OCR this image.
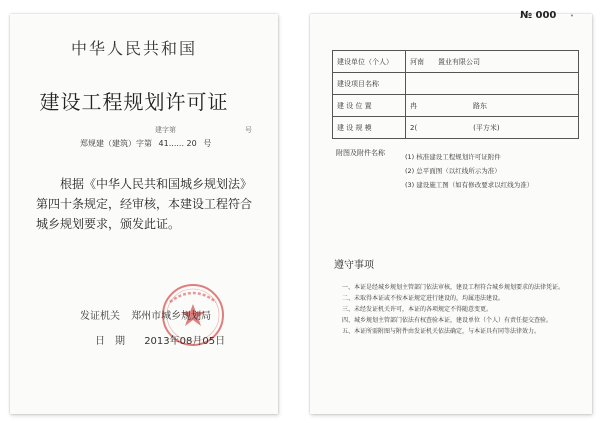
中华人民共和国
建设工程规划许可证
建字第	号
郑规建（建筑）字第 41...... 20 号
根据《中华人民共和国城乡规划法》第四十条规定，经审核，本建设工程符合城乡规划要求，颁发此证。
发证机关 郑州市城乡规划局
日　期 2013年08月05日
№ 000 •
建设单位（个人）	河南　　置业有限公司
建设项目名称	
建 设 位 置	冉　　　　　　　　路东
建 设 规 模	2(　　　　　　　　(平方米)
附图及附件名称	(1) 核准建设工程规划许可证附件
(2) 总平面图（以红线所示为准）
(3) 建设施工图（如有修改要求以红线为准）
遵守事项
一、本证是经城乡规划主管部门依法审核，建设工程符合城乡规划要求的法律凭证。
二、未取得本证或不按本证规定进行建设的，均属违法建设。
三、未经发证机关许可，本证的各项规定不得随意变更。
四、城乡规划主管部门依法有权查验本证，建设单位（个人）有责任提交查验。
五、本证所需附图与附件由发证机关依法确定，与本证具有同等法律效力。
